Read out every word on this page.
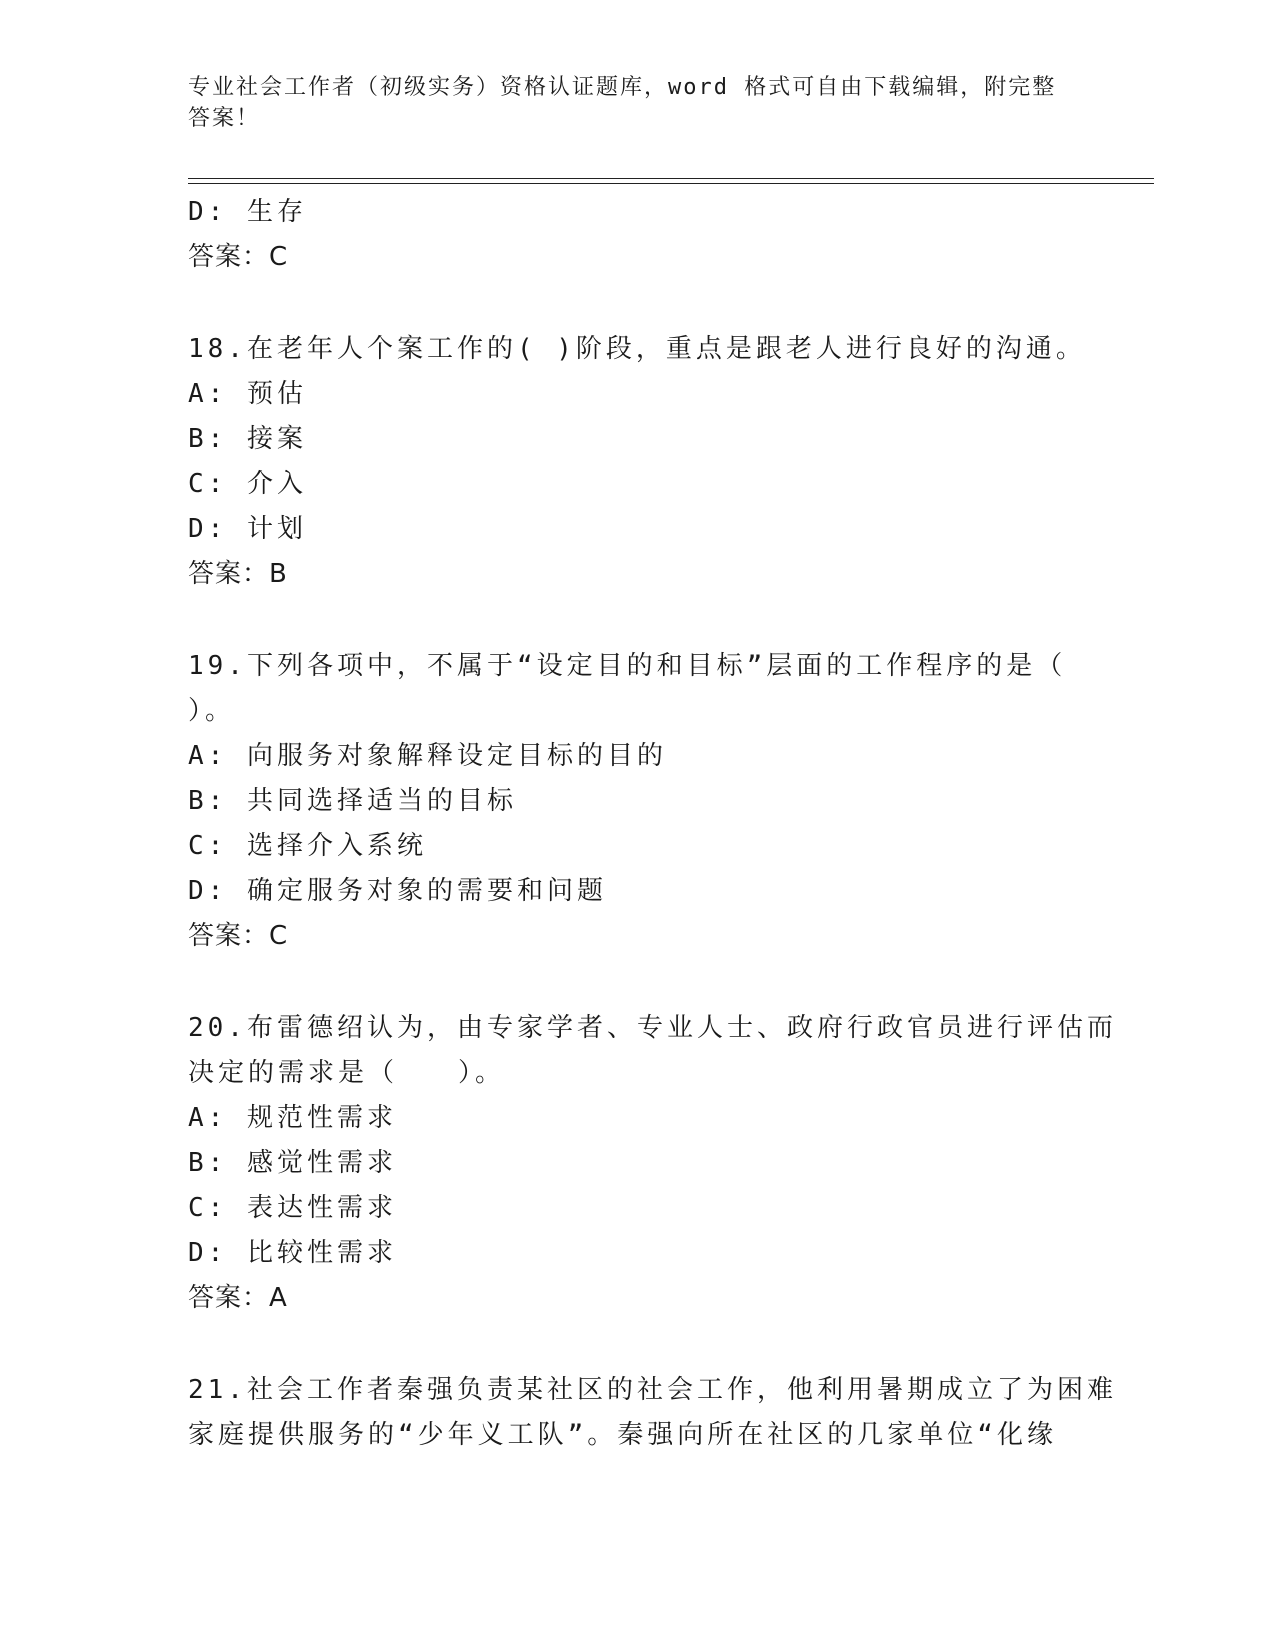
专业社会工作者（初级实务）资格认证题库，word 格式可自由下载编辑，附完整
答案！
D: 生存
答案：C
18.在老年人个案工作的( )阶段，重点是跟老人进行良好的沟通。
A: 预估
B: 接案
C: 介入
D: 计划
答案：B
19.下列各项中，不属于“设定目的和目标”层面的工作程序的是（
）。
A: 向服务对象解释设定目标的目的
B: 共同选择适当的目标
C: 选择介入系统
D: 确定服务对象的需要和问题
答案：C
20.布雷德绍认为，由专家学者、专业人士、政府行政官员进行评估而
决定的需求是（　　）。
A: 规范性需求
B: 感觉性需求
C: 表达性需求
D: 比较性需求
答案：A
21.社会工作者秦强负责某社区的社会工作，他利用暑期成立了为困难
家庭提供服务的“少年义工队”。秦强向所在社区的几家单位“化缘
